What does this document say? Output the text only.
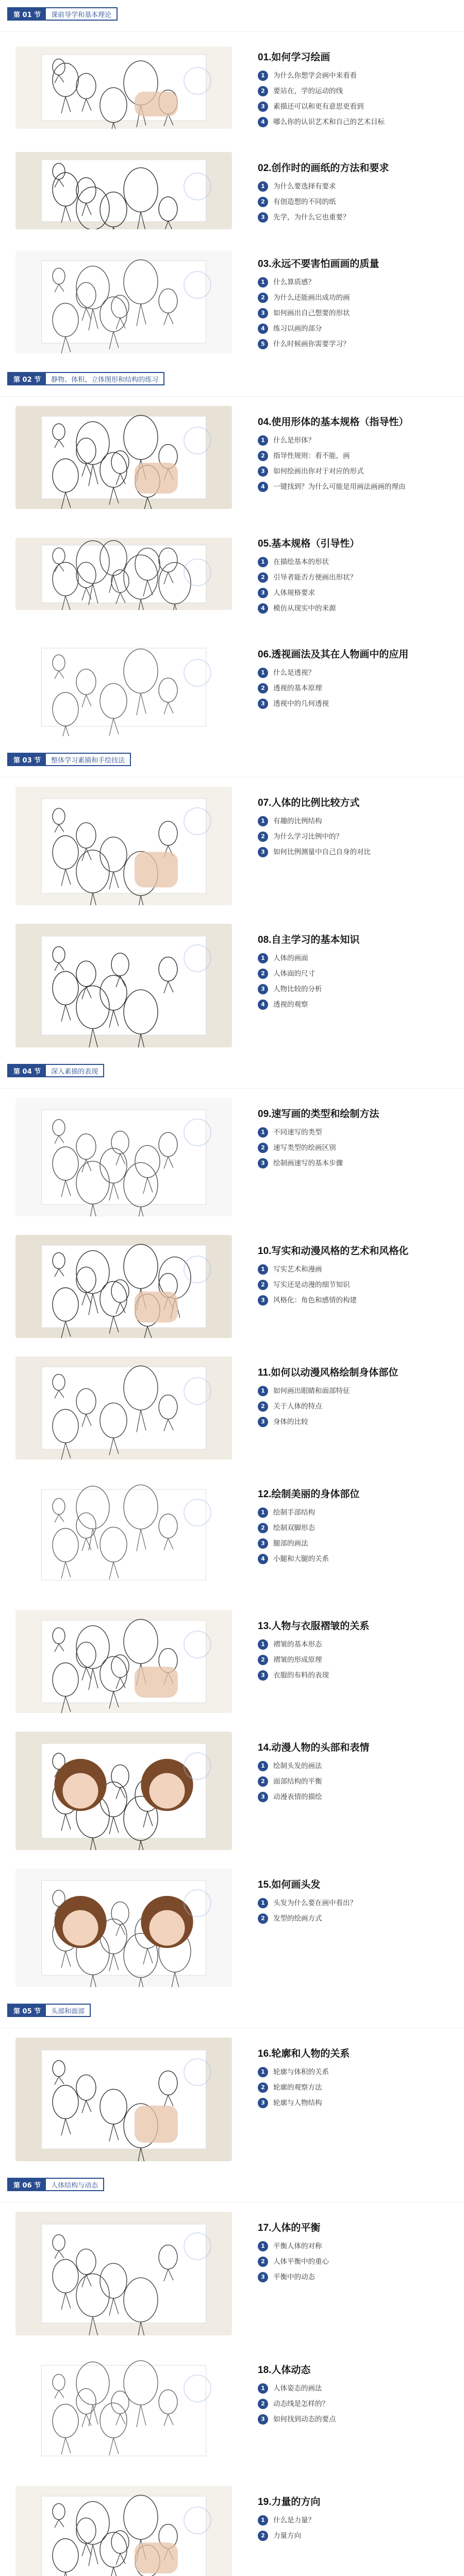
第 01 节	课前导学和基本理论
01.如何学习绘画
1	为什么你想学会画中来看看
2	要站在，学的运动的线
3	素描还可以和更有意思更看到
4	哪么你的认识艺术和自己的艺术目标
02.创作时的画纸的方法和要求
1	为什么要选择有要求
2	有创造想的不同的纸
3	先学，为什么它也重要？
03.永远不要害怕画画的质量
1	什么算质感？
2	为什么还能画出成功的画
3	如何画出自己想要的形状
4	练习以画的部分
5	什么时候画你需要学习？
第 02 节	静物、体积、立体图形和结构的练习
04.使用形体的基本规格（指导性）
1	什么是形体？
2	指导性规则：看不能，画
3	如何绘画出你对于对应的形式
4	一键找到？为什么可能是用画法画画的理由
05.基本规格（引导性）
1	在描绘基本的形状
2	引导者能否方便画出形状？
3	人体规格要求
4	模仿从现实中的来源
06.透视画法及其在人物画中的应用
1	什么是透视？
2	透视的基本原理
3	透视中的几何透视
第 03 节	整体学习素描和手绘技法
07.人体的比例比较方式
1	有趣的比例结构
2	为什么学习比例中的？
3	如何比例测量中自己自身的对比
08.自主学习的基本知识
1	人体的画面
2	人体面的尺寸
3	人物比较的分析
4	透视的观察
第 04 节	深入素描的表现
09.速写画的类型和绘制方法
1	不同速写的类型
2	速写类型的绘画区别
3	绘制画速写的基本步骤
10.写实和动漫风格的艺术和风格化
1	写实艺术和漫画
2	写实还是动漫的细节知识
3	风格化：角色和感情的构建
11.如何以动漫风格绘制身体部位
1	如何画出眼睛和面部特征
2	关于人体的特点
3	身体的比较
12.绘制美丽的身体部位
1	绘制手部结构
2	绘制双脚形态
3	腿部的画法
4	小腿和大腿的关系
13.人物与衣服褶皱的关系
1	褶皱的基本形态
2	褶皱的形成原理
3	衣服的布料的表现
14.动漫人物的头部和表情
1	绘制头发的画法
2	面部结构的平衡
3	动漫表情的描绘
15.如何画头发
1	头发为什么要在画中看出？
2	发型的绘画方式
第 05 节	头部和面部
16.轮廓和人物的关系
1	轮廓与体积的关系
2	轮廓的观察方法
3	轮廓与人物结构
第 06 节	人体结构与动态
17.人体的平衡
1	平衡人体的对称
2	人体平衡中的重心
3	平衡中的动态
18.人体动态
1	人体姿态的画法
2	动态线是怎样的？
3	如何找到动态的要点
19.力量的方向
1	什么是力量？
2	力量方向
